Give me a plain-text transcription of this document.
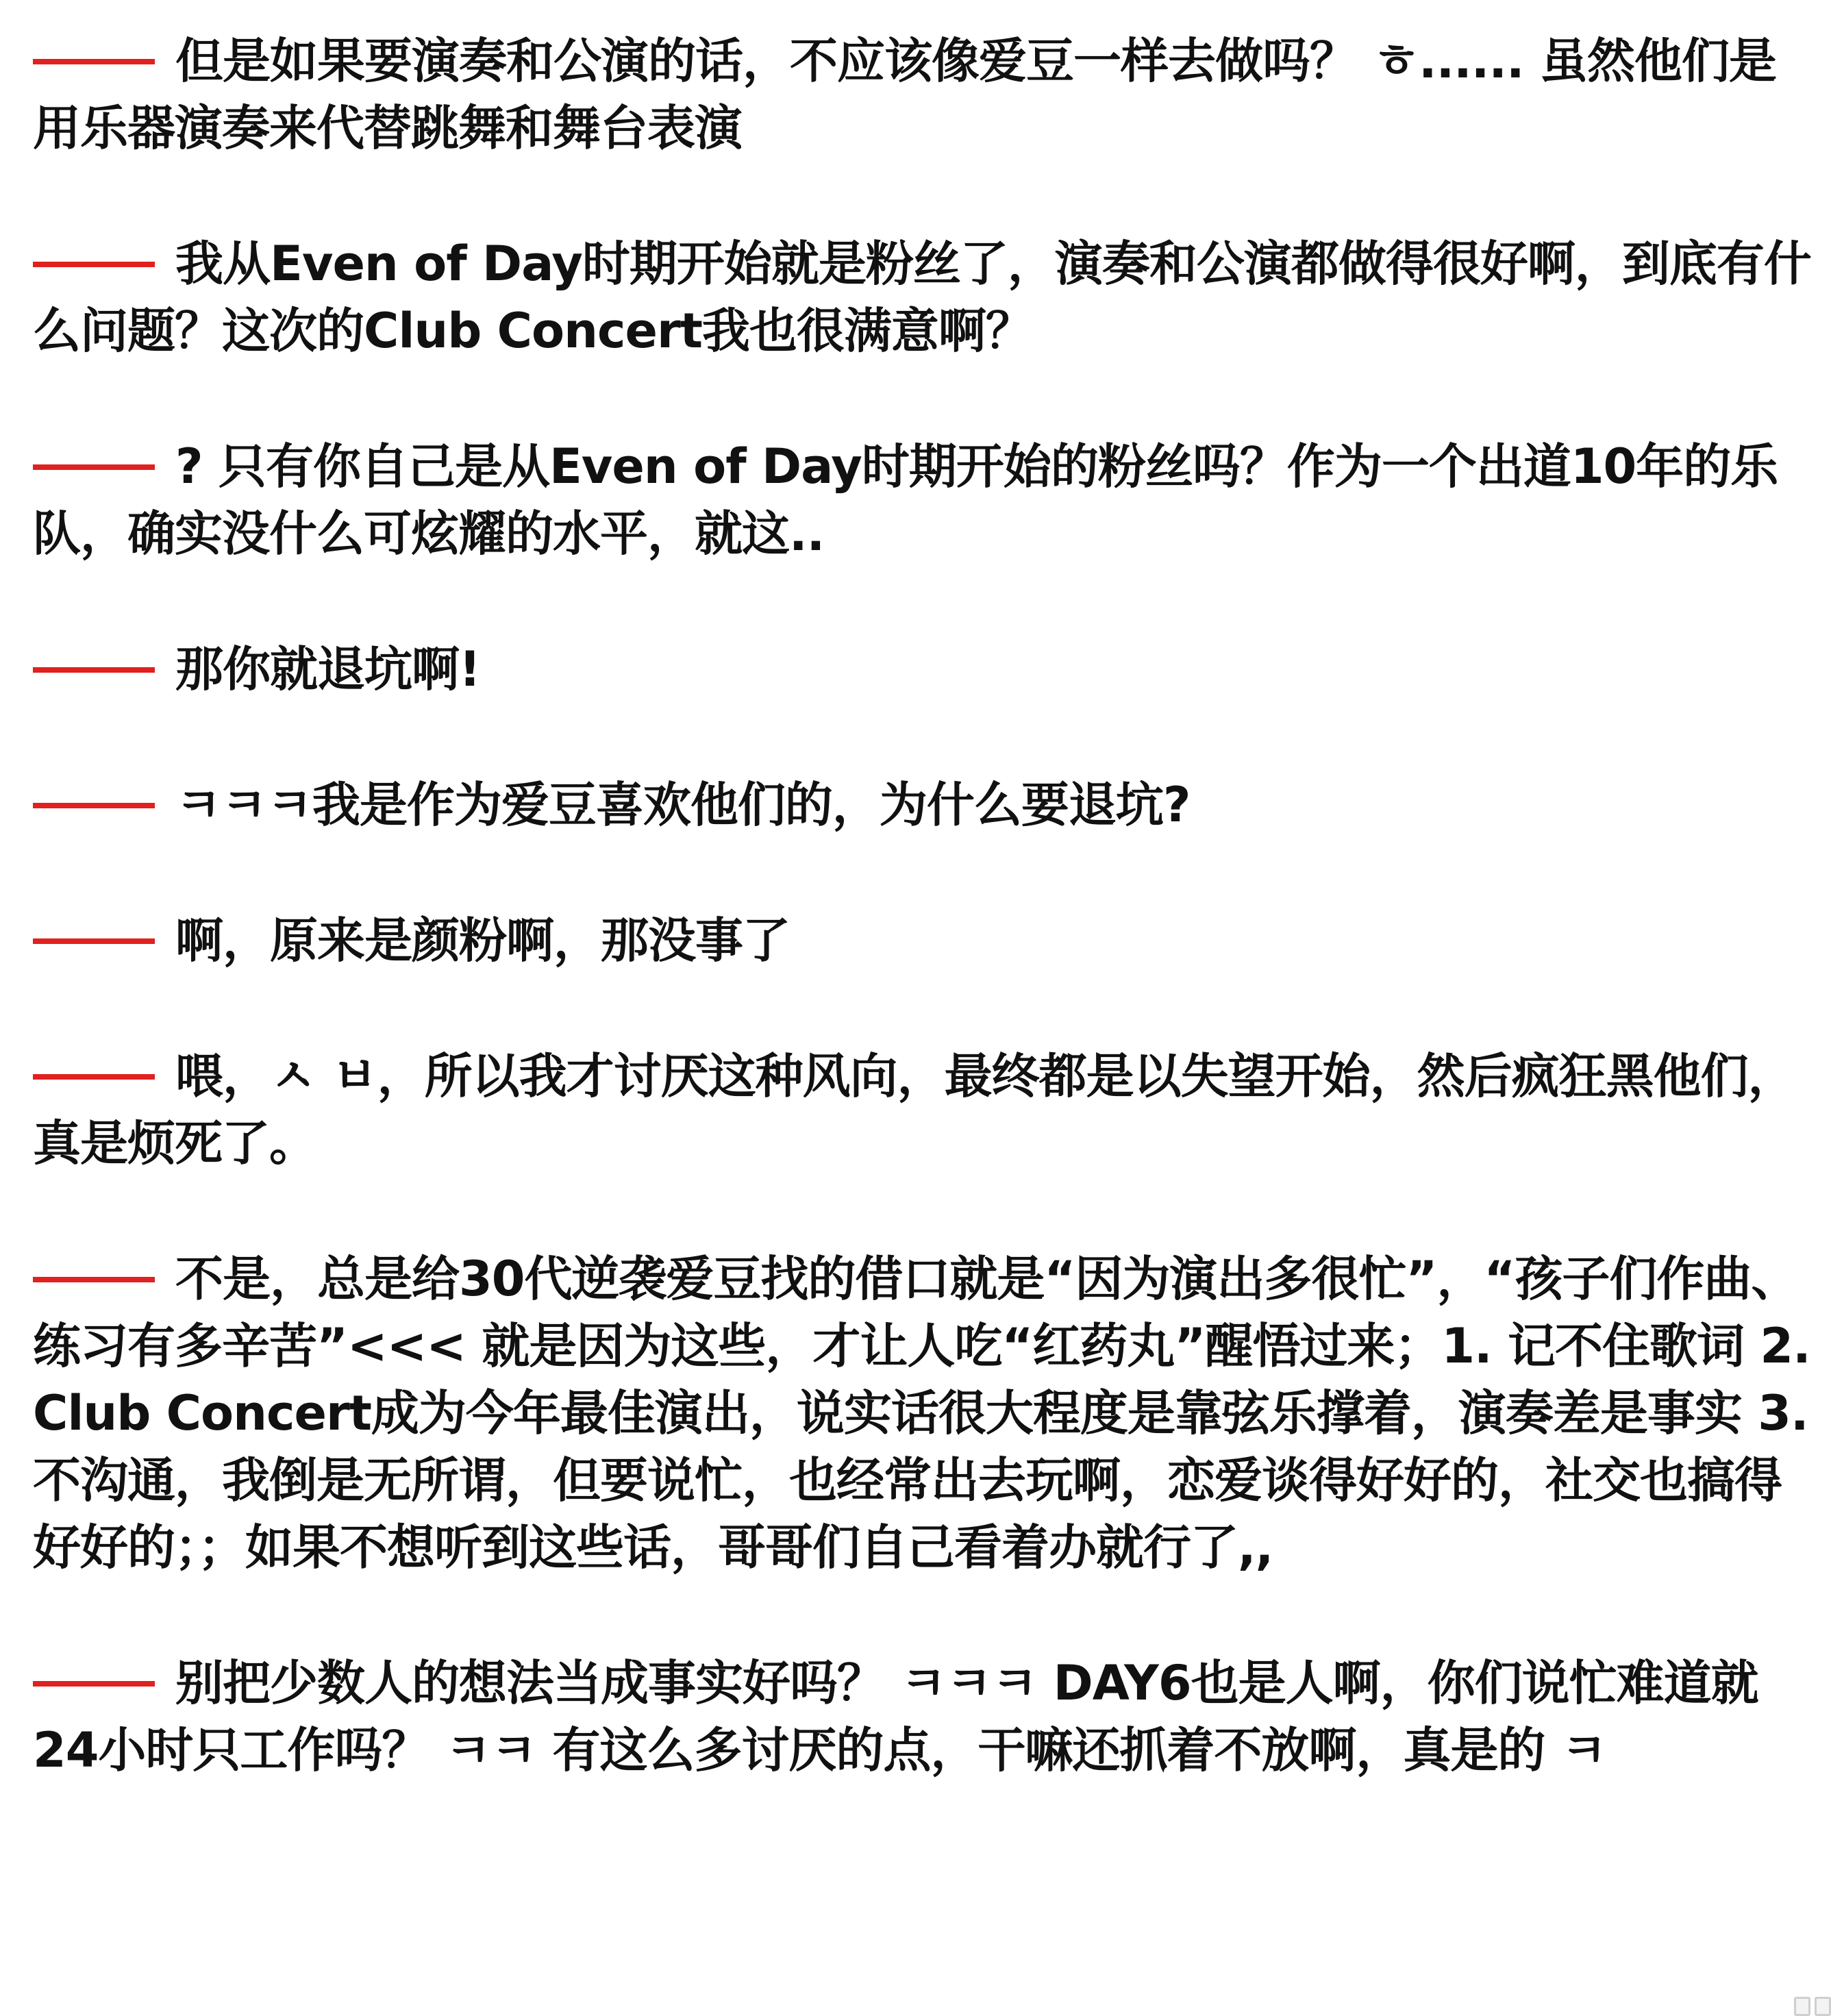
但是如果要演奏和公演的话，不应该像爱豆一样去做吗？ ㅎ...... 虽然他们是用乐器演奏来代替跳舞和舞台表演
我从Even of Day时期开始就是粉丝了，演奏和公演都做得很好啊，到底有什么问题？这次的Club Concert我也很满意啊？
? 只有你自己是从Even of Day时期开始的粉丝吗？作为一个出道10年的乐队，确实没什么可炫耀的水平，就这..
那你就退坑啊!
ㅋㅋㅋ我是作为爱豆喜欢他们的，为什么要退坑?
啊，原来是颜粉啊，那没事了
喂，ㅅ ㅂ，所以我才讨厌这种风向，最终都是以失望开始，然后疯狂黑他们，真是烦死了。
不是，总是给30代逆袭爱豆找的借口就是“因为演出多很忙”，“孩子们作曲、练习有多辛苦”<<< 就是因为这些，才让人吃“红药丸”醒悟过来；1. 记不住歌词 2. Club Concert成为今年最佳演出，说实话很大程度是靠弦乐撑着，演奏差是事实 3. 不沟通，我倒是无所谓，但要说忙，也经常出去玩啊，恋爱谈得好好的，社交也搞得好好的；；如果不想听到这些话，哥哥们自己看着办就行了,,
别把少数人的想法当成事实好吗？ ㅋㅋㅋ DAY6也是人啊，你们说忙难道就24小时只工作吗？ ㅋㅋ 有这么多讨厌的点，干嘛还抓着不放啊，真是的 ㅋ
